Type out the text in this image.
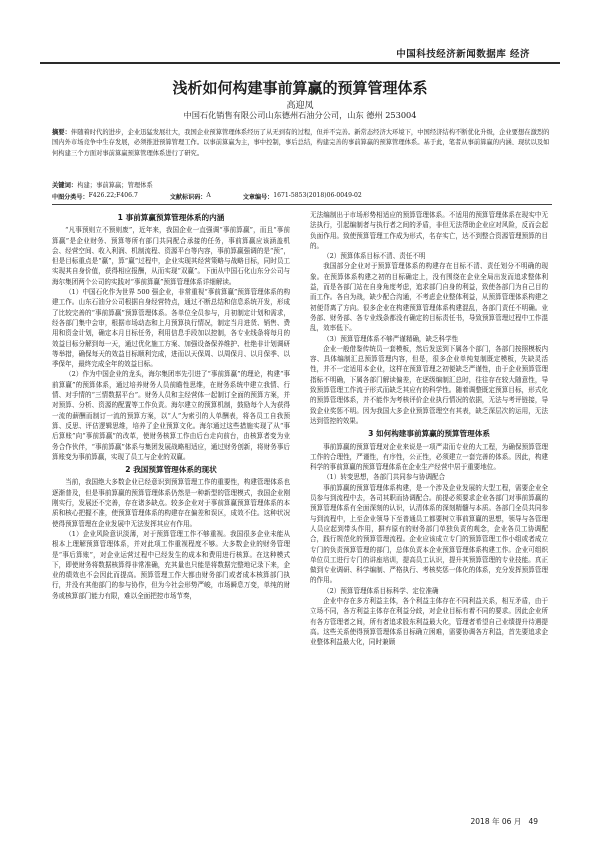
中国科技经济新闻数据库 经济
浅析如何构建事前算赢的预算管理体系
高迎凤
中国石化销售有限公司山东德州石油分公司，山东 德州 253004
摘要：伴随着时代的进步，企业迅猛发展壮大，我国企业预算管理体系经历了从无到有的过程，但并不完善。新常态经济大环境下，中国经济结构不断优化升级，企业要想在激烈的国内外市场竞争中生存发展，必须推进预算管理工作。以事前算赢为主，事中控制，事后总结，构建完善的事前算赢的预算管理体系。基于此，笔者从事前算赢的内涵、现状以及如何构建三个方面对事前算赢预算管理体系进行了研究。
关键词：构建；事前算赢；管理体系
中图分类号： F426.22;F406.7	文献标识码： A	文章编号： 1671-5853(2018)06-0049-02
1 事前算赢预算管理体系的内涵

“凡事预则立不预则废”，近年来，我国企业一直强调“事前算赢”，而且“事前算赢”是企业财务、预算等所有部门共同配合承接的任务，事前算赢应该涵盖机会、经营空间、收入利润、机制流程、资源平台等内容，事前算赢强调的是“预”，但是目标重点是“赢”，算“赢”过程中，企业实现其经营策略与战略目标，同时员工实现其自身价值，获得相应报酬，从而实现“双赢”。下面从中国石化山东分公司与海尔集团两个公司的实践对“事前算赢”预算管理体系详细解读。

（1）中国石化作为世界 500 强企业，非常重视“事前算赢”预算管理体系的构建工作。山东石油分公司根据自身经营特点，通过不断总结和信息系统开发，形成了比较完善的“事前算赢”预算管理体系。各单位全员参与，月初制定计划和需求，经各部门集中会审，根据市场动态和上月预算执行情况，制定当月进货、销售、费用和资金计划，确定本月目标任务，利用信息手段加以控制，各专业线条将每月的效益目标分解到每一天，通过优化施工方案、加强设备保养维护、杜绝非计划调研等举措，确保每天的效益目标顺利完成，进而以天保周、以周保月、以月保季、以季保年，最终完成全年的效益目标。

（2）作为中国企业的龙头，海尔集团率先引进了“事前算赢”的理论，构建“事前算赢”的预算体系，通过培养财务人员前瞻性思维，在财务系统中建立我情、行情、对手情的“三情数据平台”。财务人员和主经营体一起制订全面的预算方案，并对预算、分析、资源的配置等工作负责。海尔建立的预算机制，鼓励每个人为获得一流的薪酬而制订一流的预算方案，以“人”为索引的人单酬表，将各员工自我预算、反思、评估逻辑思维，培养了企业预算文化。海尔通过这些措施实现了从“事后算账”向“事前算赢”的改革，使财务核算工作由后台走向前台，由核算者变为业务合作伙伴，“事前算赢”体系与集团发展战略相适应，通过财务创新，将财务事后算账变为事前算赢，实现了员工与企业的双赢。

2 我国预算管理体系的现状

当前，我国绝大多数企业已经意识到预算管理工作的重要性，构建管理体系也逐渐普及，但是事前算赢的预算管理体系仍然是一种新型的管理模式，我国企业刚刚实行，发展还不完善，存在诸多缺点。较多企业对于事前算赢预算管理体系的本质和核心把握不准，使预算管理体系的构建存在偏差和误区，成效不佳。这种状况使得预算管理在企业发展中无法发挥其应有作用。

（1）企业风险意识淡薄，对于预算管理工作不够重视。我国很多企业未能从根本上理解预算管理体系，并对此项工作重视程度不够。大多数企业的财务管理是“事后算账”，对企业运营过程中已经发生的成本和费用进行核算。在这种模式下，即使财务将数据核算得非常准确，充其量也只能是将数据完整地记录下来，企业的绩效也不会因此而提高。预算管理工作大都由财务部门或者成本核算部门执行，并没有其他部门的参与协作，但为今社会形势严峻，市场瞬息万变，单纯的财务或核算部门能力有限，难以全面把控市场节奏，

无法编制出于市场形势相适应的预算管理体系。不适用的预算管理体系在现实中无法执行，引起编制者与执行者之间的矛盾，非但无法帮助企业应对风险，反而会起负面作用。致使预算管理工作成为形式，名存实亡，达不到整合资源管理预算的目的。

（2）预算体系目标不清、责任不明

我国部分企业对于预算管理体系的构建存在目标不清、责任划分不明确的现象。在预算体系构建之初的目标确定上，没有围绕在企业全局出发而追求整体利益，而是各部门站在自身角度考虑，追求部门自身的利益，致使各部门为自己目的而工作。各自为战，缺少配合沟通，不考虑企业整体利益，从预算管理体系构建之初便背离了方向。很多企业在构建预算管理体系构建混乱，各部门责任不明确。业务部、财务部、各专业线条都没有确定的目标责任书，导致预算管理过程中工作混乱，效率低下。

（3）预算管理体系不够严谨精确，缺乏科学性

企业一般借鉴传统员一套模板，然后发送到下属各个部门，各部门按照模板内容、具体编制汇总预算管理内容，但是，很多企业单纯复制既定模板，失缺灵活性，并不一定适用本企业，这样在预算管理之初便缺乏严谨性，由于企业预算管理指标不明确，下属各部门解读偏差，在逐级编制汇总时，往往存在较大随意性，导致预算管理工作流于形式而缺乏其应有的科学性。随着调整既定预算目标，形式化的预算管理体系，并不能作为考核评价企业执行情况的依据，无法与考评链接，导致企业奖惩不明。因为我国大多企业预算管理空有其表，缺乏深层次的运用，无法达到管控的效果。

3 如何构建事前算赢的预算管理体系

事前算赢的预算管理对企业来说是一项严肃而专业的大工程，为确保预算管理工作的合理性，严谨性，有序性，公正性，必须建立一套完善的体系。因此，构建科学的事前算赢的预算管理体系在企业生产经营中居于重要地位。

（1）转变思想，各部门共同参与协调配合

事前算赢的预算管理体系构建，是一个涉及企业发展的大型工程，需要企业全员参与到流程中去，各司其职而协调配合。前提必须要求企业各部门对事前算赢的预算管理体系有全面深刻的认识，认清体系的深刻精髓与本质。各部门全员共同参与到流程中，上至企业领导下至普通员工都要树立事前算赢的思想，领导与各管理人员应起到带头作用，摒弃原有的财务部门单独负责的观念，企业各员工协调配合，践行规范化的预算管理流程。企业应该成立专门的预算管理工作小组或者成立专门的负责预算管理的部门，总体负责本企业预算管理体系构建工作。企业可组织单位员工进行专门的讲座培训，提高员工认识，提升其预算管理的专业技能。真正做到专业调研、科学编制、严格执行、考核奖惩一体化的体系，充分发挥预算管理的作用。

（2）预算管理体系目标科学、定位准确

企业中存在多方利益主体，各个利益主体存在不同利益关系，相互矛盾，由于立场不同，各方利益主体存在利益分歧，对企业目标有着不同的要求。因此企业所有各方管理者之间，所有者追求股东利益最大化，管理者希望自己业绩提升待遇提高。这些关系使得预算管理体系目标确立困难，需要协调各方利益，首先要追求企业整体利益最大化，同时兼顾

2018 年 06 月 49
